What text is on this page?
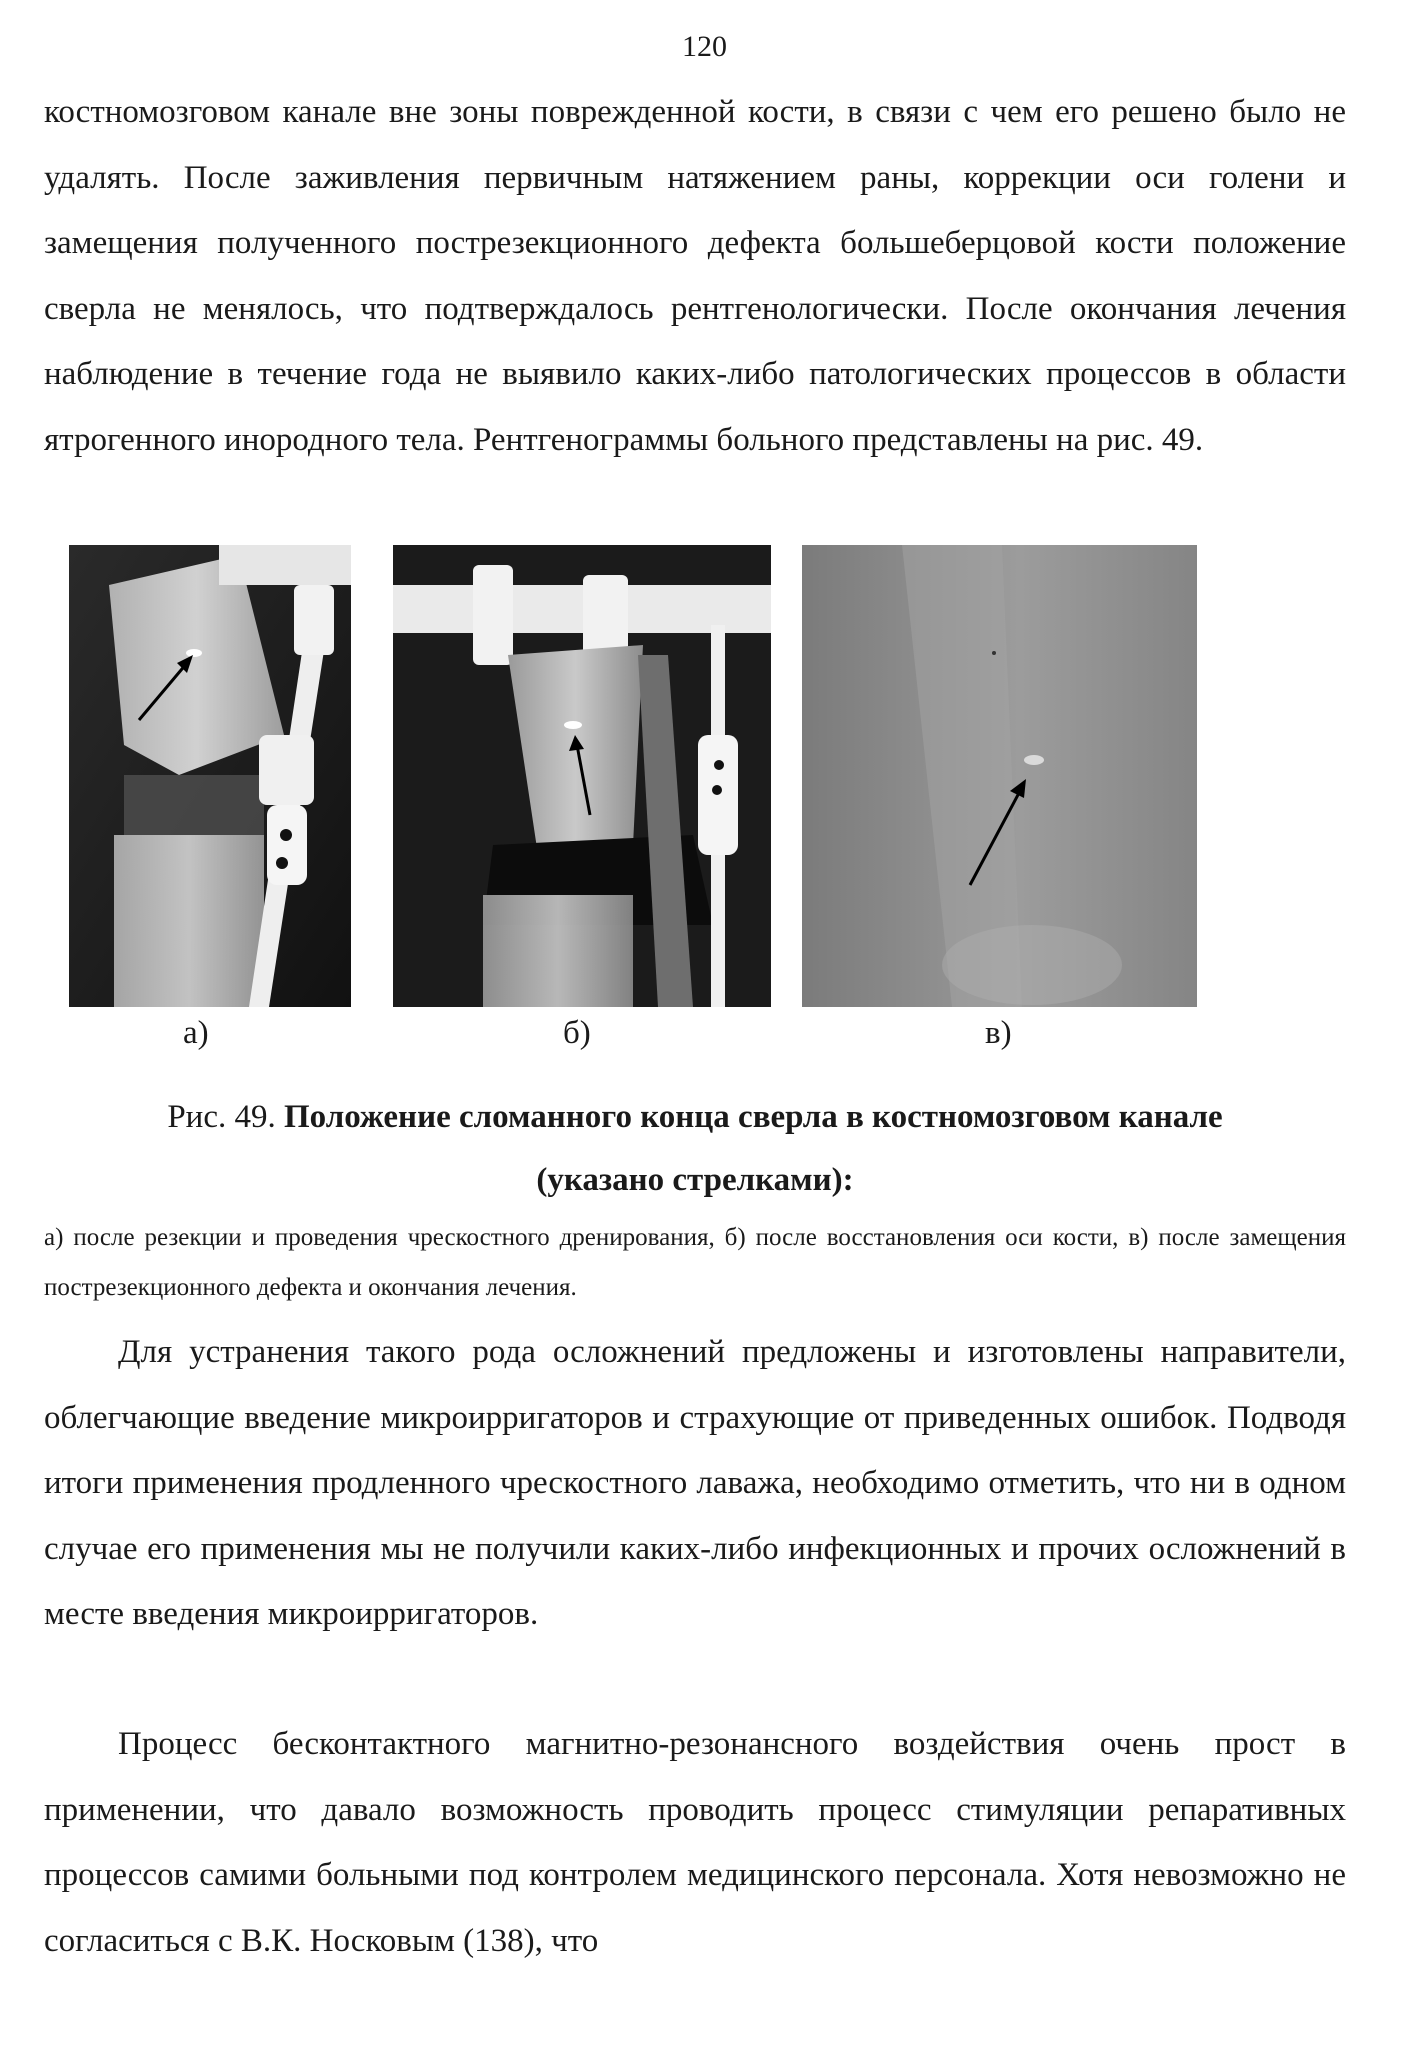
120

костномозговом канале вне зоны поврежденной кости, в связи с чем его решено было не удалять. После заживления первичным натяжением раны, коррекции оси голени и замещения полученного пострезекционного дефекта большеберцовой кости положение сверла не менялось, что подтверждалось рентгенологически. После окончания лечения наблюдение в течение года не выявило каких-либо патологических процессов в области ятрогенного инородного тела. Рентгенограммы больного представлены на рис. 49.

а)	б)	в)
Рис. 49. Положение сломанного конца сверла в костномозговом канале
(указано стрелками):

а) после резекции и проведения чрескостного дренирования, б) после восстановления оси кости, в) после замещения пострезекционного дефекта и окончания лечения.

Для устранения такого рода осложнений предложены и изготовлены направители, облегчающие введение микроирригаторов и страхующие от приведенных ошибок. Подводя итоги применения продленного чрескостного лаважа, необходимо отметить, что ни в одном случае его применения мы не получили каких-либо инфекционных и прочих осложнений в месте введения микроирригаторов.

Процесс бесконтактного магнитно-резонансного воздействия очень прост в применении, что давало возможность проводить процесс стимуляции репаративных процессов самими больными под контролем медицинского персонала. Хотя невозможно не согласиться с В.К. Носковым (138), что
